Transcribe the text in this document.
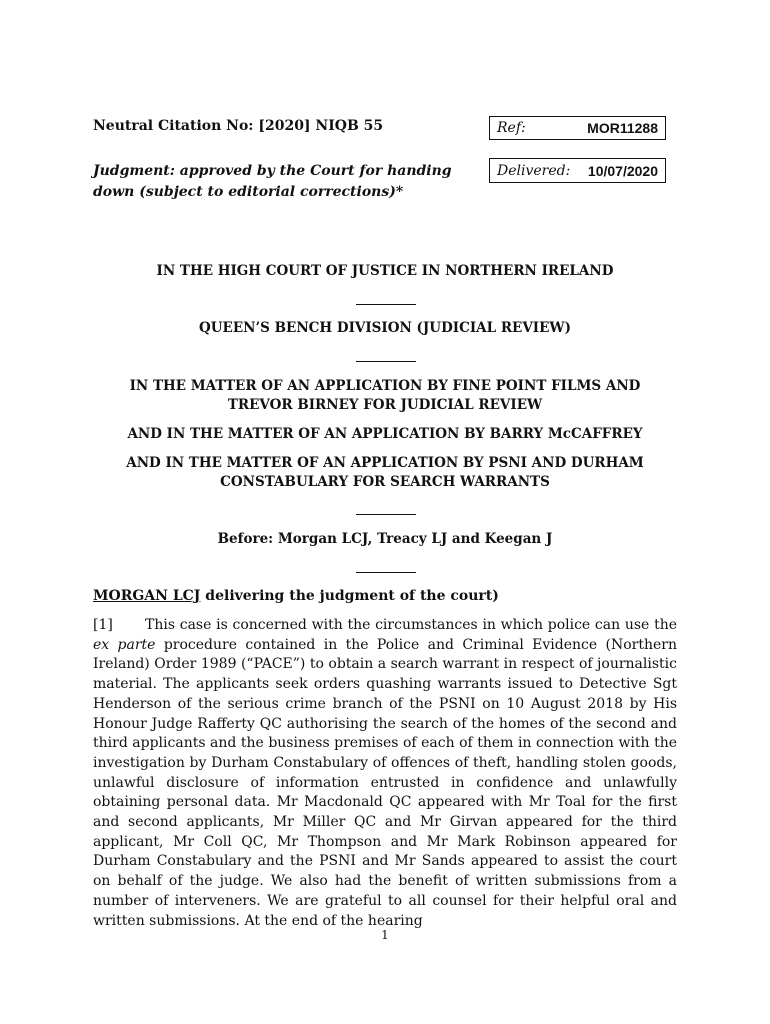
Neutral Citation No: [2020] NIQB 55
Judgment: approved by the Court for handing down (subject to editorial corrections)*
Ref:	MOR11288
Delivered: 10/07/2020
IN THE HIGH COURT OF JUSTICE IN NORTHERN IRELAND
QUEEN’S BENCH DIVISION (JUDICIAL REVIEW)
IN THE MATTER OF AN APPLICATION BY FINE POINT FILMS AND TREVOR BIRNEY FOR JUDICIAL REVIEW
AND IN THE MATTER OF AN APPLICATION BY BARRY McCAFFREY
AND IN THE MATTER OF AN APPLICATION BY PSNI AND DURHAM CONSTABULARY FOR SEARCH WARRANTS
Before: Morgan LCJ, Treacy LJ and Keegan J
MORGAN LCJ delivering the judgment of the court)
[1] This case is concerned with the circumstances in which police can use the ex parte procedure contained in the Police and Criminal Evidence (Northern Ireland) Order 1989 (“PACE”) to obtain a search warrant in respect of journalistic material. The applicants seek orders quashing warrants issued to Detective Sgt Henderson of the serious crime branch of the PSNI on 10 August 2018 by His Honour Judge Rafferty QC authorising the search of the homes of the second and third applicants and the business premises of each of them in connection with the investigation by Durham Constabulary of offences of theft, handling stolen goods, unlawful disclosure of information entrusted in confidence and unlawfully obtaining personal data. Mr Macdonald QC appeared with Mr Toal for the first and second applicants, Mr Miller QC and Mr Girvan appeared for the third applicant, Mr Coll QC, Mr Thompson and Mr Mark Robinson appeared for Durham Constabulary and the PSNI and Mr Sands appeared to assist the court on behalf of the judge. We also had the benefit of written submissions from a number of interveners. We are grateful to all counsel for their helpful oral and written submissions. At the end of the hearing
1
